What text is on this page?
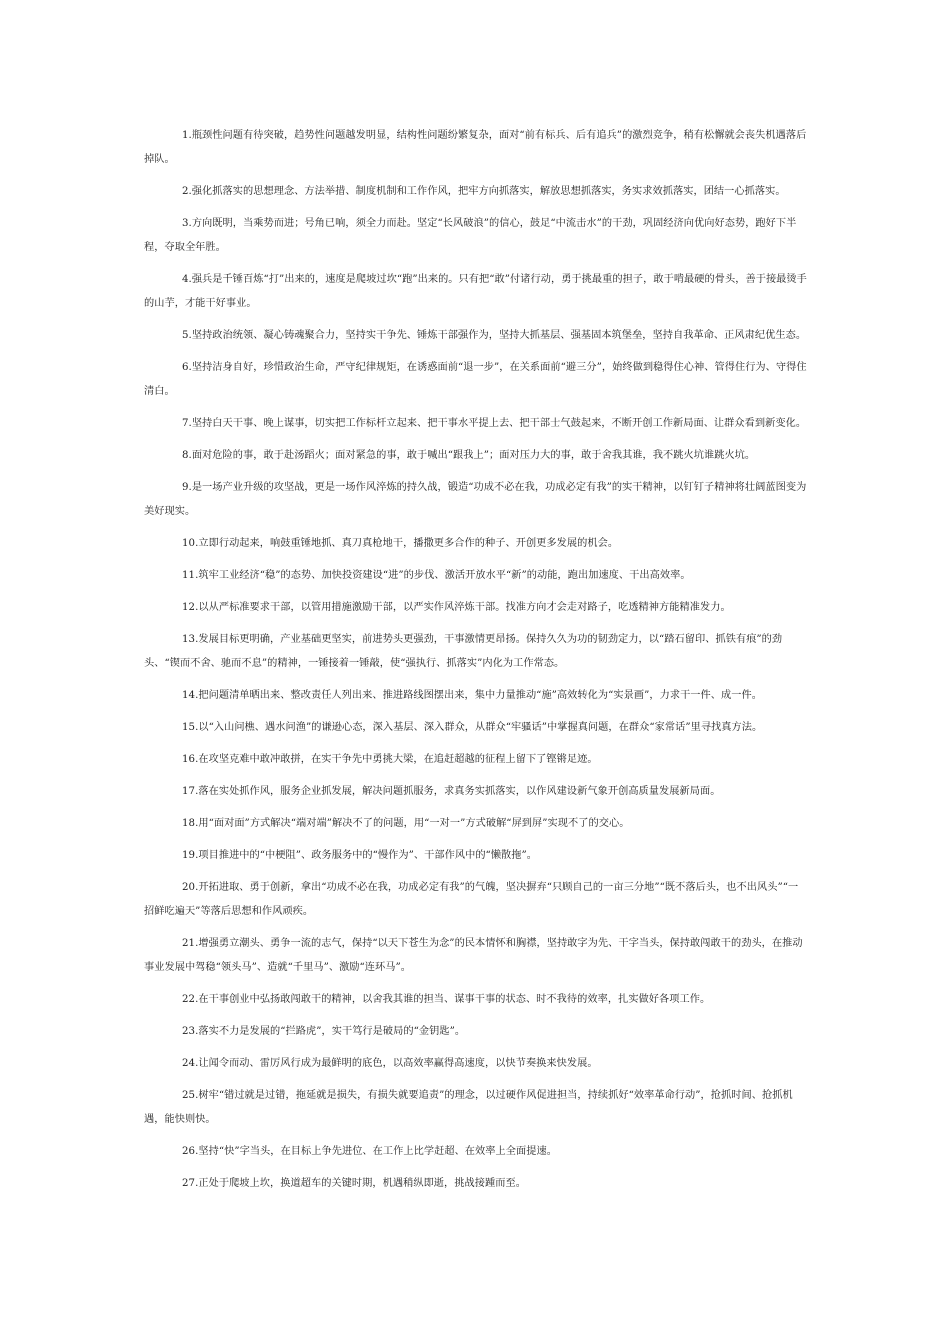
1.瓶颈性问题有待突破，趋势性问题越发明显，结构性问题纷繁复杂，面对“前有标兵、后有追兵”的激烈竞争，稍有松懈就会丧失机遇落后掉队。

2.强化抓落实的思想理念、方法举措、制度机制和工作作风，把牢方向抓落实，解放思想抓落实，务实求效抓落实，团结一心抓落实。

3.方向既明，当乘势而进；号角已响，须全力而赴。坚定“长风破浪”的信心，鼓足“中流击水”的干劲，巩固经济向优向好态势，跑好下半程，夺取全年胜。

4.强兵是千锤百炼“打”出来的，速度是爬坡过坎“跑”出来的。只有把“敢”付诸行动，勇于挑最重的担子，敢于啃最硬的骨头，善于接最烫手的山芋，才能干好事业。

5.坚持政治统领、凝心铸魂聚合力，坚持实干争先、锤炼干部强作为，坚持大抓基层、强基固本筑堡垒，坚持自我革命、正风肃纪优生态。

6.坚持洁身自好，珍惜政治生命，严守纪律规矩，在诱惑面前“退一步”，在关系面前“避三分”，始终做到稳得住心神、管得住行为、守得住清白。

7.坚持白天干事、晚上谋事，切实把工作标杆立起来、把干事水平提上去、把干部士气鼓起来，不断开创工作新局面、让群众看到新变化。

8.面对危险的事，敢于赴汤蹈火；面对紧急的事，敢于喊出“跟我上”；面对压力大的事，敢于舍我其谁，我不跳火坑谁跳火坑。

9.是一场产业升级的攻坚战，更是一场作风淬炼的持久战，锻造“功成不必在我，功成必定有我”的实干精神，以钉钉子精神将壮阔蓝图变为美好现实。

10.立即行动起来，响鼓重锤地抓、真刀真枪地干，播撒更多合作的种子、开创更多发展的机会。

11.筑牢工业经济“稳”的态势、加快投资建设“进”的步伐、激活开放水平“新”的动能，跑出加速度、干出高效率。

12.以从严标准要求干部，以管用措施激励干部，以严实作风淬炼干部。找准方向才会走对路子，吃透精神方能精准发力。

13.发展目标更明确，产业基础更坚实，前进势头更强劲，干事激情更昂扬。保持久久为功的韧劲定力，以“踏石留印、抓铁有痕”的劲头、“锲而不舍、驰而不息”的精神，一锤接着一锤敲，使“强执行、抓落实”内化为工作常态。

14.把问题清单晒出来、整改责任人列出来、推进路线图摆出来，集中力量推动“施”高效转化为“实景画”，力求干一件、成一件。

15.以“入山问樵、遇水问渔”的谦逊心态，深入基层、深入群众，从群众“牢骚话”中掌握真问题，在群众“家常话”里寻找真方法。

16.在攻坚克难中敢冲敢拼，在实干争先中勇挑大梁，在追赶超越的征程上留下了铿锵足迹。

17.落在实处抓作风，服务企业抓发展，解决问题抓服务，求真务实抓落实，以作风建设新气象开创高质量发展新局面。

18.用“面对面”方式解决“端对端”解决不了的问题，用“一对一”方式破解“屏到屏”实现不了的交心。

19.项目推进中的“中梗阻”、政务服务中的“慢作为”、干部作风中的“懒散拖”。

20.开拓进取、勇于创新，拿出“功成不必在我，功成必定有我”的气魄，坚决摒弃“只顾自己的一亩三分地”“既不落后头，也不出风头”“一招鲜吃遍天”等落后思想和作风顽疾。

21.增强勇立潮头、勇争一流的志气，保持“以天下苍生为念”的民本情怀和胸襟，坚持敢字为先、干字当头，保持敢闯敢干的劲头，在推动事业发展中驾稳“领头马”、造就“千里马”、激励“连环马”。

22.在干事创业中弘扬敢闯敢干的精神，以舍我其谁的担当、谋事干事的状态、时不我待的效率，扎实做好各项工作。

23.落实不力是发展的“拦路虎”，实干笃行是破局的“金钥匙”。

24.让闻令而动、雷厉风行成为最鲜明的底色，以高效率赢得高速度，以快节奏换来快发展。

25.树牢“错过就是过错，拖延就是损失，有损失就要追责”的理念，以过硬作风促进担当，持续抓好“效率革命行动”，抢抓时间、抢抓机遇，能快则快。

26.坚持“快”字当头，在目标上争先进位、在工作上比学赶超、在效率上全面提速。

27.正处于爬坡上坎，换道超车的关键时期，机遇稍纵即逝，挑战接踵而至。
